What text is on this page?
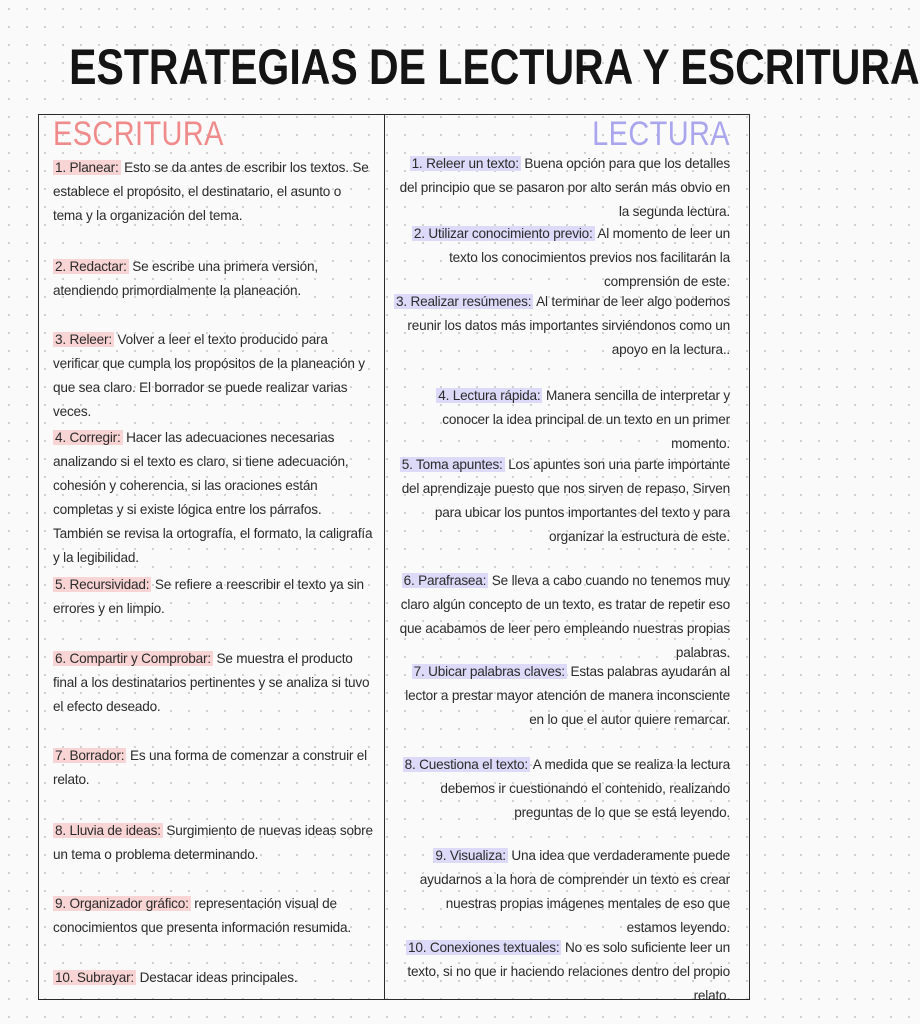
ESTRATEGIAS DE LECTURA Y ESCRITURA
ESCRITURA
1. Planear: Esto se da antes de escribir los textos. Se establece el propósito, el destinatario, el asunto o tema y la organización del tema.
2. Redactar: Se escribe una primera versión, atendiendo primordialmente la planeación.
3. Releer: Volver a leer el texto producido para verificar que cumpla los propósitos de la planeación y que sea claro. El borrador se puede realizar varias veces.
4. Corregir: Hacer las adecuaciones necesarias analizando si el texto es claro, si tiene adecuación, cohesión y coherencia, si las oraciones están completas y si existe lógica entre los párrafos. También se revisa la ortografía, el formato, la caligrafía y la legibilidad.
5. Recursividad: Se refiere a reescribir el texto ya sin errores y en limpio.
6. Compartir y Comprobar: Se muestra el producto final a los destinatarios pertinentes y se analiza si tuvo el efecto deseado.
7. Borrador: Es una forma de comenzar a construir el relato.
8. Lluvia de ideas: Surgimiento de nuevas ideas sobre un tema o problema determinando.
9. Organizador gráfico: representación visual de conocimientos que presenta información resumida.
10. Subrayar: Destacar ideas principales.
LECTURA
1. Releer un texto: Buena opción para que los detalles del principio que se pasaron por alto serán más obvio en la segunda lectura.
2. Utilizar conocimiento previo: Al momento de leer un texto los conocimientos previos nos facilitarán la comprensión de este.
3. Realizar resúmenes: Al terminar de leer algo podemos reunir los datos más importantes sirviéndonos como un apoyo en la lectura..
4. Lectura rápida: Manera sencilla de interpretar y conocer la idea principal de un texto en un primer momento.
5. Toma apuntes: Los apuntes son una parte importante del aprendizaje puesto que nos sirven de repaso, Sirven para ubicar los puntos importantes del texto y para organizar la estructura de este.
6. Parafrasea: Se lleva a cabo cuando no tenemos muy claro algún concepto de un texto, es tratar de repetir eso que acabamos de leer pero empleando nuestras propias palabras.
7. Ubicar palabras claves: Estas palabras ayudarán al lector a prestar mayor atención de manera inconsciente en lo que el autor quiere remarcar.
8. Cuestiona el texto: A medida que se realiza la lectura debemos ir cuestionando el contenido, realizando preguntas de lo que se está leyendo.
9. Visualiza: Una idea que verdaderamente puede ayudarnos a la hora de comprender un texto es crear nuestras propias imágenes mentales de eso que estamos leyendo.
10. Conexiones textuales: No es solo suficiente leer un texto, si no que ir haciendo relaciones dentro del propio relato.
